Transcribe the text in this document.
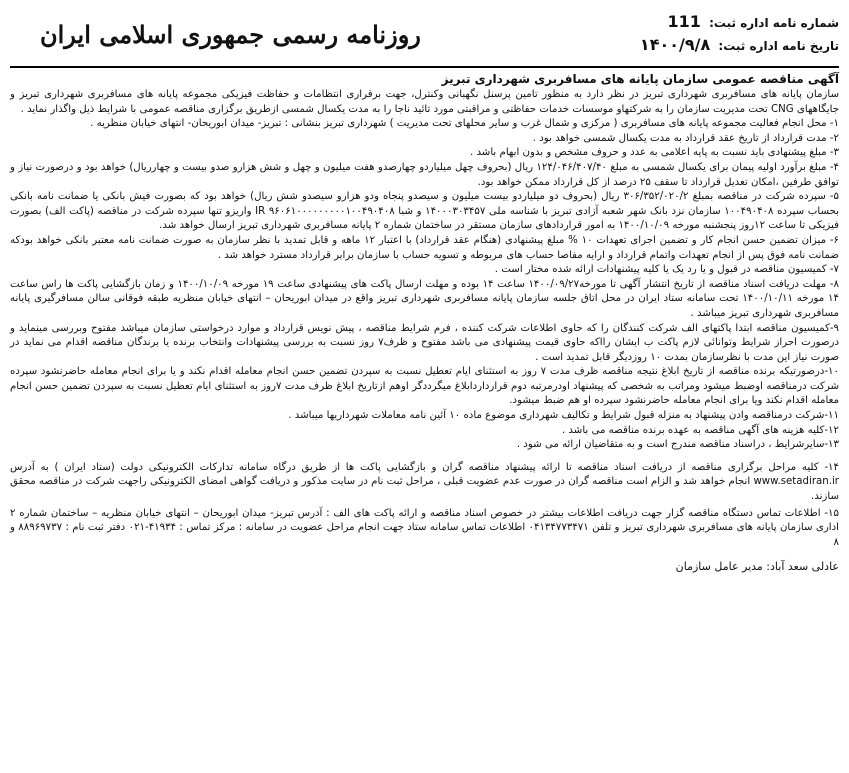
شماره نامه اداره ثبت: 111
تاریخ نامه اداره ثبت: ۱۴۰۰/۹/۸
روزنامه رسمی جمهوری اسلامی ایران
آگهی مناقصه عمومی سازمان پایانه های مسافربری شهرداری تبریز

سازمان پایانه های مسافربری شهرداری تبریز در نظر دارد به منظور تامین پرسنل نگهبانی وکنترل، جهت برقراری انتظامات و حفاظت فیزیکی مجموعه پایانه های مسافربری شهرداری تبریز و جایگاههای CNG تحت مدیریت سازمان را به شرکتهاو موسسات خدمات حفاظتی و مراقبتی مورد تائید ناجا را به مدت یکسال شمسی ازطریق برگزاری مناقصه عمومی با شرایط ذیل واگذار نماید .

۱- محل انجام فعالیت مجموعه پایانه های مسافربری ( مرکزی و شمال غرب و سایر محلهای تحت مدیریت ) شهرداری تبریز بنشانی : تبریز- میدان ابوریحان- انتهای خیابان منظریه .

۲- مدت قرارداد از تاریخ عقد قرارداد به مدت یکسال شمسی خواهد بود .

۳- مبلغ پیشنهادی باید نسبت به پایه اعلامی به عدد و حروف مشخص و بدون ابهام باشد .

۴- مبلغ برآورد اولیه پیمان برای یکسال شمسی به مبلغ ۱۲۴/۰۴۶/۴۰۷/۴۰ ریال (بحروف چهل میلیاردو چهارصدو هفت میلیون و چهل و شش هزارو صدو بیست و چهارریال) خواهد بود و درصورت نیاز و توافق طرفین ،امکان تعدیل قرارداد تا سقف ۲۵ درصد از کل قرارداد ممکن خواهد بود.

۵- سپرده شرکت در مناقصه بمبلغ ۳۰۶/۳۵۲/۰۲۰/۲ ریال (بحروف دو میلیاردو بیست میلیون و سیصدو پنجاه ودو هزارو سیصدو شش ریال) خواهد بود که بصورت فیش بانکی یا ضمانت نامه بانکی بحساب سپرده ۱۰۰۴۹۰۴۰۸ سازمان نزد بانک شهر شعبه آزادی تبریز با شناسه ملی ۱۴۰۰۰۳۰۳۴۵۷ و شبا IR ۹۶۰۶۱۰۰۰۰۰۰۰۰۰۱۰۰۴۹۰۴۰۸ واریزو تنها سپرده شرکت در مناقصه (پاکت الف) بصورت فیزیکی تا ساعت ۱۲روز پنجشنبه مورخه ۱۴۰۰/۱۰/۰۹ به امور قراردادهای سازمان مستقر در ساختمان شماره ۲ پایانه مسافربری شهرداری تبریز ارسال خواهد شد.

۶- میزان تضمین حسن انجام کار و تضمین اجرای تعهدات ۱۰ % مبلغ پیشنهادی (هنگام عقد قرارداد) با اعتبار ۱۲ ماهه و قابل تمدید با نظر سازمان به صورت ضمانت نامه معتبر بانکی خواهد بودکه ضمانت نامه فوق پس از انجام تعهدات واتمام قرارداد و ارایه مفاصا حساب های مربوطه و تسویه حساب با سازمان برابر قرارداد مسترد خواهد شد .

۷- کمیسیون مناقصه در قبول و یا رد یک یا کلیه پیشنهادات ارائه شده مختار است .

۸- مهلت دریافت اسناد مناقصه از تاریخ انتشار آگهی تا مورخه۱۴۰۰/۰۹/۲۷ ساعت ۱۴ بوده و مهلت ارسال پاکت های پیشنهادی ساعت ۱۹ مورخه ۱۴۰۰/۱۰/۰۹ و زمان بازگشایی پاکت ها راس ساعت ۱۴ مورخه ۱۴۰۰/۱۰/۱۱ تحت سامانه ستاد ایران در محل اتاق جلسه سازمان پایانه مسافربری شهرداری تبریز واقع در میدان ابوریحان – انتهای خیابان منظریه طبقه فوقانی سالن مسافرگیری پایانه مسافربری شهرداری تبریز میباشد .

۹-کمیسیون مناقصه ابتدا پاکتهای الف شرکت کنندگان را که حاوی اطلاعات شرکت کننده ، فرم شرایط مناقصه ، پیش نویس قرارداد و موارد درخواستی سازمان میباشد مفتوح وبررسی مینماید و درصورت احراز شرایط وتوانائی لازم پاکت ب ایشان رااکه حاوی قیمت پیشنهادی می باشد مفتوح و ظرف۷ روز نسبت به بررسی پیشنهادات وانتخاب برنده یا برندگان مناقصه اقدام می نماید در صورت نیاز این مدت با نظرسازمان بمدت ۱۰ روزدیگر قابل تمدید است .

۱۰-درصورتیکه برنده مناقصه از تاریخ ابلاغ نتیجه مناقصه ظرف مدت ۷ روز به استثنای ایام تعطیل نسبت به سپردن تضمین حسن انجام معامله اقدام نکند و یا برای انجام معامله حاضرنشود سپرده شرکت درمناقصه اوضبط میشود ومراتب به شخصی که پیشنهاد اودرمرتبه دوم قرارداردابلاغ میگرددگر اوهم ازتاریخ ابلاغ ظرف مدت ۷روز به استثنای ایام تعطیل نسبت به سپردن تضمین حسن انجام معامله اقدام نکند ویا برای انجام معامله حاضرنشود سپرده او هم ضبط میشود.

۱۱-شرکت درمناقصه وادن پیشنهاد به منزله قبول شرایط و تکالیف شهرداری موضوع ماده ۱۰ آئین نامه معاملات شهرداریها میباشد .

۱۲-کلیه هزینه های آگهی مناقصه به عهده برنده مناقصه می باشد .

۱۳-سایرشرایط ، دراسناد مناقصه مندرج است و به متقاضیان ارائه می شود .

۱۴- کلیه مراحل برگزاری مناقصه از دریافت اسناد مناقصه تا ارائه پیشنهاد مناقصه گران و بازگشایی پاکت ها از طریق درگاه سامانه تدارکات الکترونیکی دولت (ستاد ایران ) به آدرس www.setadiran.ir انجام خواهد شد و الزام است مناقصه گران در صورت عدم عضویت قبلی ، مراحل ثبت نام در سایت مذکور و دریافت گواهی امضای الکترونیکی راجهت شرکت در مناقصه محقق سازند.

۱۵- اطلاعات تماس دستگاه مناقصه گزار جهت دریافت اطلاعات بیشتر در خصوص اسناد مناقصه و ارائه پاکت های الف : آدرس تبریز- میدان ابوریحان – انتهای خیابان منظریه – ساختمان شماره ۲ اداری سازمان پایانه های مسافربری شهرداری تبریز و تلفن ۰۴۱۳۴۷۷۳۴۷۱ اطلاعات تماس سامانه ستاد جهت انجام مراحل عضویت در سامانه : مرکز تماس : ۴۱۹۳۴-۰۲۱ دفتر ثبت نام : ۸۸۹۶۹۷۳۷ و ۸

عادلی سعد آباد: مدیر عامل سازمان
